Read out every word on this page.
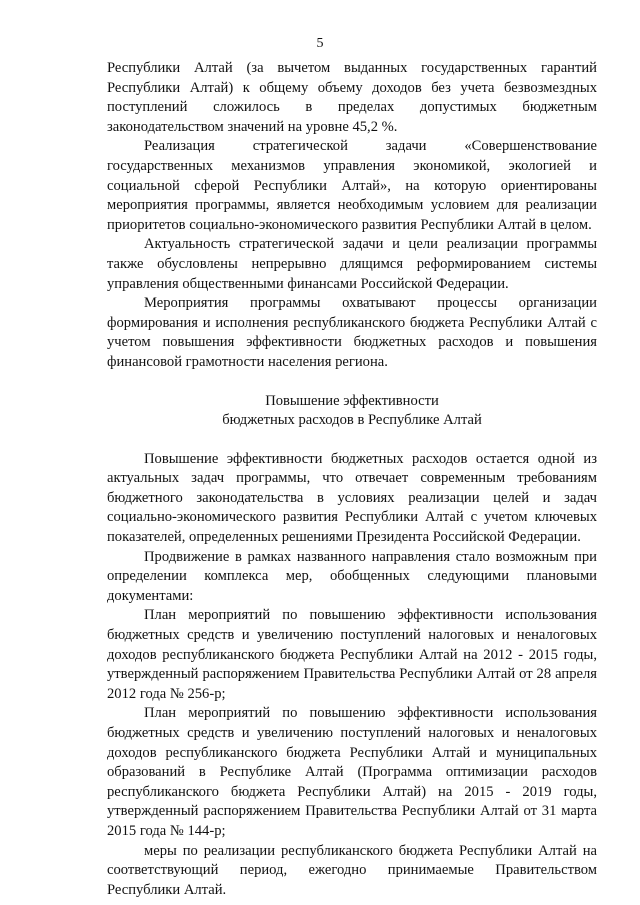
5

Республики Алтай (за вычетом выданных государственных гарантий Республики Алтай) к общему объему доходов без учета безвозмездных поступлений сложилось в пределах допустимых бюджетным законодательством значений на уровне 45,2 %.

Реализация стратегической задачи «Совершенствование государственных механизмов управления экономикой, экологией и социальной сферой Республики Алтай», на которую ориентированы мероприятия программы, является необходимым условием для реализации приоритетов социально-экономического развития Республики Алтай в целом.

Актуальность стратегической задачи и цели реализации программы также обусловлены непрерывно длящимся реформированием системы управления общественными финансами Российской Федерации.

Мероприятия программы охватывают процессы организации формирования и исполнения республиканского бюджета Республики Алтай с учетом повышения эффективности бюджетных расходов и повышения финансовой грамотности населения региона.

Повышение эффективности
бюджетных расходов в Республике Алтай

Повышение эффективности бюджетных расходов остается одной из актуальных задач программы, что отвечает современным требованиям бюджетного законодательства в условиях реализации целей и задач социально-экономического развития Республики Алтай с учетом ключевых показателей, определенных решениями Президента Российской Федерации.

Продвижение в рамках названного направления стало возможным при определении комплекса мер, обобщенных следующими плановыми документами:

План мероприятий по повышению эффективности использования бюджетных средств и увеличению поступлений налоговых и неналоговых доходов республиканского бюджета Республики Алтай на 2012 - 2015 годы, утвержденный распоряжением Правительства Республики Алтай от 28 апреля 2012 года № 256-р;

План мероприятий по повышению эффективности использования бюджетных средств и увеличению поступлений налоговых и неналоговых доходов республиканского бюджета Республики Алтай и муниципальных образований в Республике Алтай (Программа оптимизации расходов республиканского бюджета Республики Алтай) на 2015 - 2019 годы, утвержденный распоряжением Правительства Республики Алтай от 31 марта 2015 года № 144-р;

меры по реализации республиканского бюджета Республики Алтай на соответствующий период, ежегодно принимаемые Правительством Республики Алтай.
